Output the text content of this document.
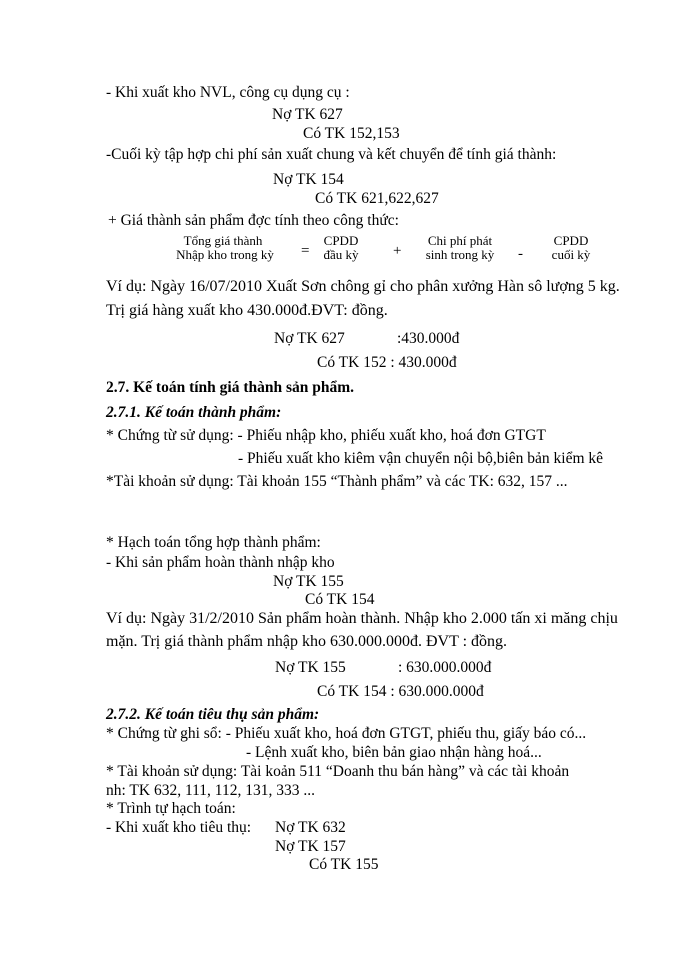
- Khi xuất kho NVL, công cụ dụng cụ :
Nợ TK 627
Có TK 152,153
-Cuối kỳ tập hợp chi phí sản xuất chung và kết chuyển để tính giá thành:
Nợ TK 154
Có TK 621,622,627
+ Giá thành sản phẩm đợc tính theo công thức:
Tổng giá thành
Nhập kho trong kỳ	=
CPDD
đầu kỳ	+
Chi phí phát
sinh trong kỳ	-
CPDD
cuối kỳ
Ví dụ: Ngày 16/07/2010 Xuất Sơn chông gỉ cho phân xưởng Hàn sô lượng 5 kg.
Trị giá hàng xuất kho 430.000đ.ĐVT: đồng.
Nợ TK 627	:430.000đ
Có TK 152 : 430.000đ
2.7. Kế toán tính giá thành sản phẩm.
2.7.1. Kế toán thành phẩm:
* Chứng từ sử dụng: - Phiếu nhập kho, phiếu xuất kho, hoá đơn GTGT
- Phiếu xuất kho kiêm vận chuyển nội bộ,biên bản kiểm kê
*Tài khoản sử dụng: Tài khoản 155 “Thành phẩm” và các TK: 632, 157 ...
* Hạch toán tổng hợp thành phẩm:
- Khi sản phẩm hoàn thành nhập kho
Nợ TK 155
Có TK 154
Ví dụ: Ngày 31/2/2010 Sản phẩm hoàn thành. Nhập kho 2.000 tấn xi măng chịu
mặn. Trị giá thành phẩm nhập kho 630.000.000đ. ĐVT : đồng.
Nợ TK 155	: 630.000.000đ
Có TK 154 : 630.000.000đ
2.7.2. Kế toán tiêu thụ sản phẩm:
* Chứng từ ghi sổ: - Phiếu xuất kho, hoá đơn GTGT, phiếu thu, giấy báo có...
- Lệnh xuất kho, biên bản giao nhận hàng hoá...
* Tài khoản sử dụng: Tài koản 511 “Doanh thu bán hàng” và các tài khoản
nh: TK 632, 111, 112, 131, 333 ...
* Trình tự hạch toán:
- Khi xuất kho tiêu thụ: Nợ TK 632
Nợ TK 157
Có TK 155
